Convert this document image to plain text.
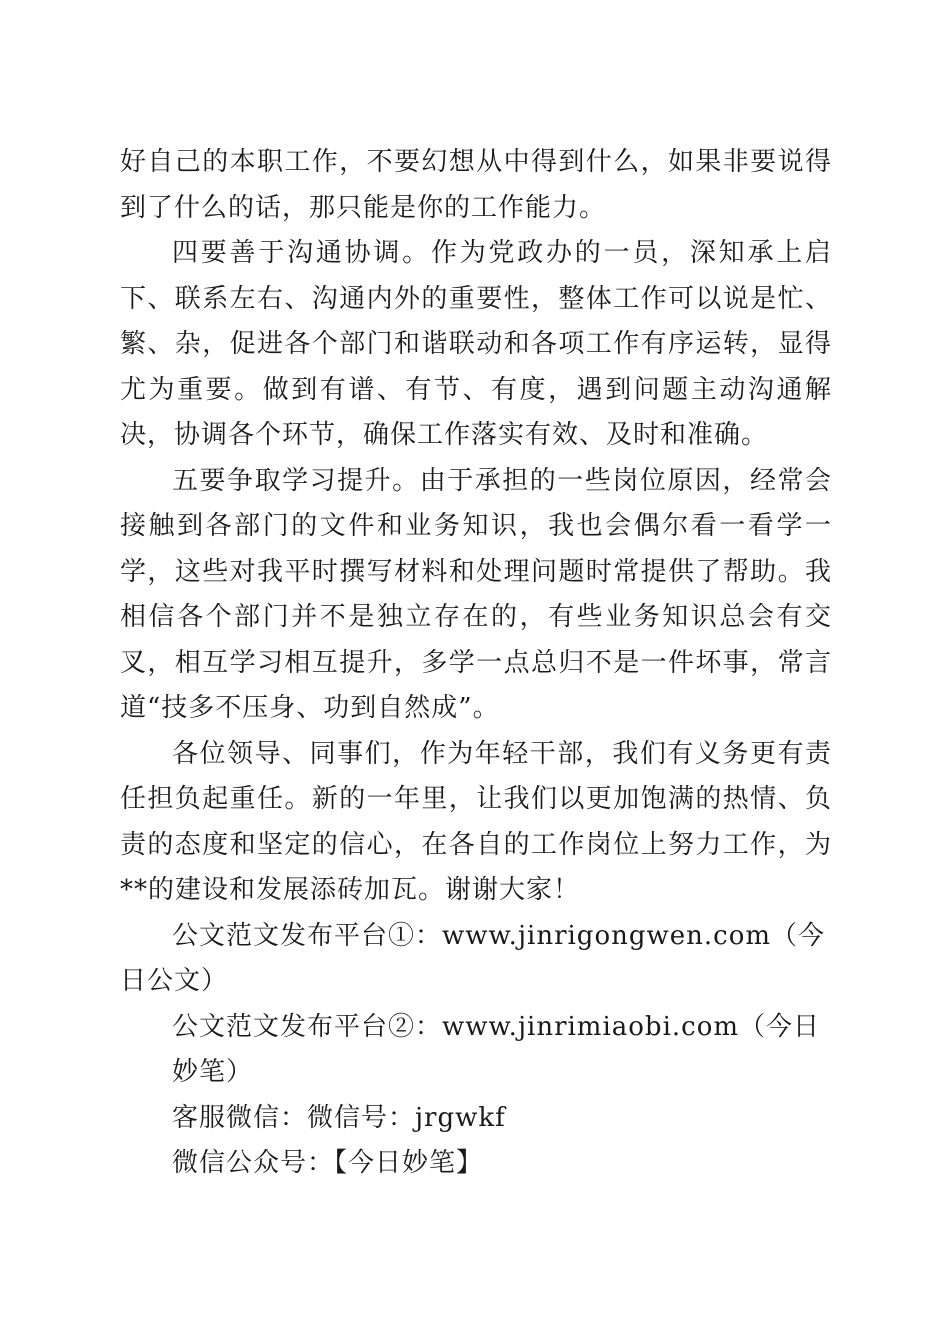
好自己的本职工作，不要幻想从中得到什么，如果非要说得到了什么的话，那只能是你的工作能力。

四要善于沟通协调。作为党政办的一员，深知承上启下、联系左右、沟通内外的重要性，整体工作可以说是忙、繁、杂，促进各个部门和谐联动和各项工作有序运转，显得尤为重要。做到有谱、有节、有度，遇到问题主动沟通解决，协调各个环节，确保工作落实有效、及时和准确。

五要争取学习提升。由于承担的一些岗位原因，经常会接触到各部门的文件和业务知识，我也会偶尔看一看学一学，这些对我平时撰写材料和处理问题时常提供了帮助。我相信各个部门并不是独立存在的，有些业务知识总会有交叉，相互学习相互提升，多学一点总归不是一件坏事，常言道“技多不压身、功到自然成”。

各位领导、同事们，作为年轻干部，我们有义务更有责任担负起重任。新的一年里，让我们以更加饱满的热情、负责的态度和坚定的信心，在各自的工作岗位上努力工作，为**的建设和发展添砖加瓦。谢谢大家！

公文范文发布平台①：www.jinrigongwen.com（今日公文）

公文范文发布平台②：www.jinrimiaobi.com（今日妙笔）

客服微信：微信号：jrgwkf

微信公众号：【今日妙笔】
